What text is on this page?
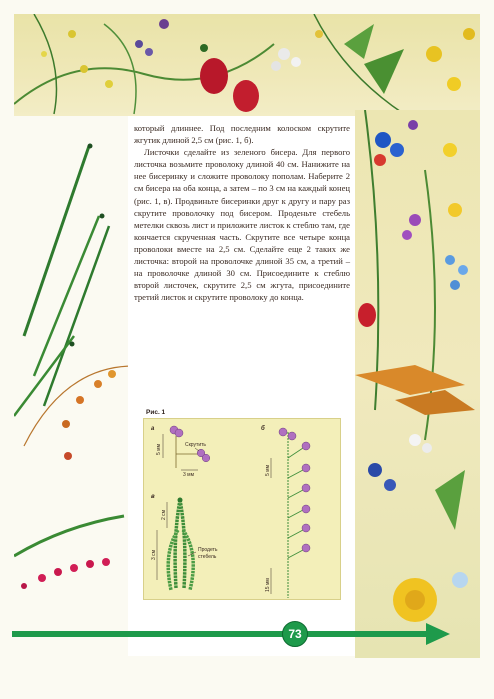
который длиннее. Под последним колоском скрутите жгутик длиной 2,5 см (рис. 1, б).

Листочки сделайте из зеленого бисера. Для первого листочка возьмите проволоку длиной 40 см. Нанижите на нее бисеринку и сложите проволоку пополам. Наберите 2 см бисера на оба конца, а затем – по 3 см на каждый конец (рис. 1, в). Продвиньте бисеринки друг к другу и пару раз скрутите проволочку под бисером. Проденьте стебель метелки сквозь лист и приложите листок к стеблю там, где кончается скрученная часть. Скрутите все четыре конца проволоки вместе на 2,5 см. Сделайте еще 2 таких же листочка: второй на проволочке длиной 35 см, а третий – на проволочке длиной 30 см. Присоедините к стеблю второй листочек, скрутите 2,5 см жгута, присоедините третий листок и скрутите проволоку до конца.

Рис. 1
а
5 мм	Скрутить
3 мм
б
5 мм
15 мм
в
2 см
3 см	Продеть
стебель
73
